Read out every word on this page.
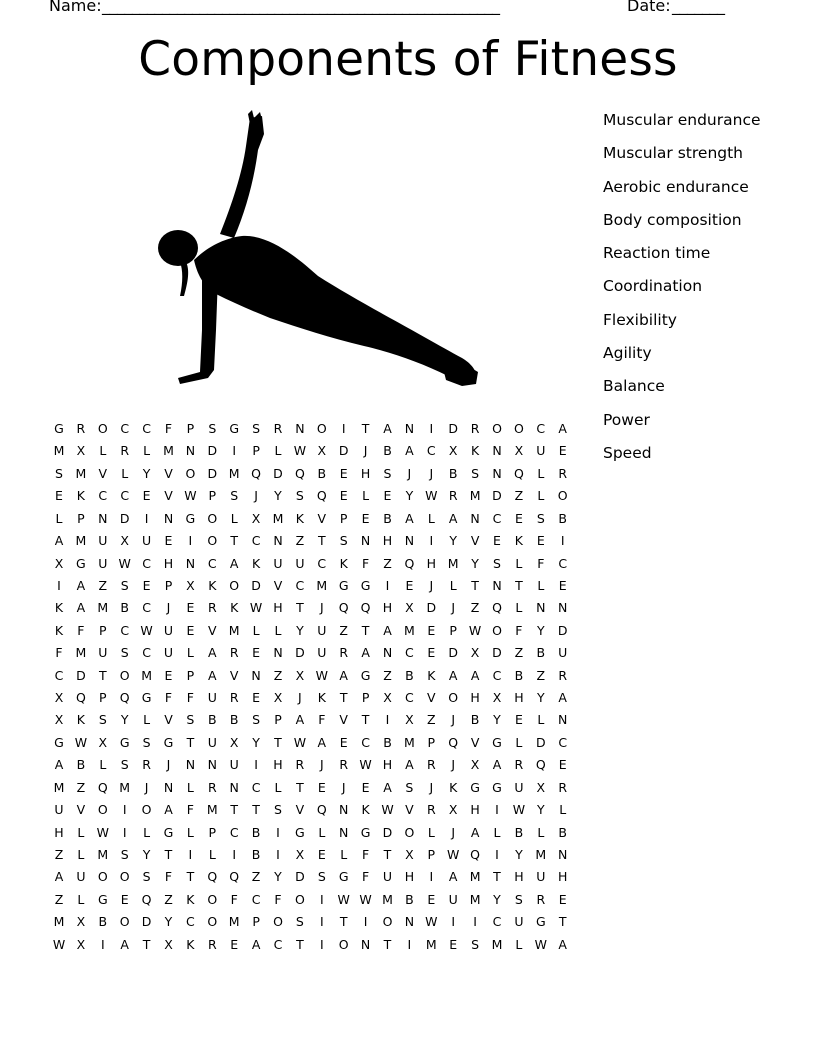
Name: _____________________________________________________	Date: _______
Components of Fitness
Muscular endurance
Muscular strength
Aerobic endurance
Body composition
Reaction time
Coordination
Flexibility
Agility
Balance
Power
Speed
G	R	O	C	C	F	P	S	G	S	R	N O	I	T	A	N	I	D	R	O O	C	A
M X	L	R	L	M N D	I	P	L W X	D	J	B	A	C	X	K	N	X	U	E
S	M V	L	Y	V	O D M Q D Q	B	E	H	S	J	J	B	S	N Q	L	R
E	K	C	C	E	V W P	S	J	Y	S	Q	E	L	E	Y W R M D	Z	L	O
L	P	N D	I	N G O	L	X M K	V	P	E	B	A	L	A	N	C	E	S	B
A M U	X	U	E	I	O	T	C	N	Z	T	S	N	H	N	I	Y	V	E	K	E	I
X	G U W C	H	N	C	A	K	U	U	C	K	F	Z	Q H M	Y	S	L	F	C
I	A	Z	S	E	P	X	K	O D	V	C M G G	I	E	J	L	T	N	T	L	E
K	A M B	C	J	E	R	K W H	T	J	Q Q H	X	D	J	Z	Q	L	N	N
K	F	P	C W U	E	V M	L	L	Y	U	Z	T	A M	E	P W O	F	Y	D
F	M U	S	C	U	L	A	R	E	N D	U	R	A	N	C	E	D	X	D	Z	B	U
C	D	T	O M	E	P	A	V	N	Z	X W A	G	Z	B	K	A	A	C	B	Z	R
X	Q	P	Q G	F	F	U	R	E	X	J	K	T	P	X	C	V	O H	X	H	Y	A
X	K	S	Y	L	V	S	B	B	S	P	A	F	V	T	I	X	Z	J	B	Y	E	L	N
G W X	G	S	G	T	U	X	Y	T W A	E	C	B M	P	Q	V	G	L	D	C
A	B	L	S	R	J	N	N	U	I	H	R	J	R W H	A	R	J	X	A	R	Q	E
M Z	Q M	J	N	L	R	N	C	L	T	E	J	E	A	S	J	K	G G U	X	R
U	V	O	I	O	A	F	M	T	T	S	V	Q N	K W V	R	X	H	I	W Y	L
H	L W	I	L	G	L	P	C	B	I	G	L	N G D O	L	J	A	L	B	L	B
Z	L	M	S	Y	T	I	L	I	B	I	X	E	L	F	T	X	P W Q	I	Y	M N
A	U O O	S	F	T	Q Q	Z	Y	D	S	G	F	U	H	I	A M	T	H	U	H
Z	L	G	E	Q	Z	K	O	F	C	F	O	I	W W M B	E	U M	Y	S	R	E
M X	B	O D	Y	C	O M	P	O	S	I	T	I	O N W	I	I	C	U G	T
W X	I	A	T	X	K	R	E	A	C	T	I	O N	T	I	M	E	S	M	L W A
